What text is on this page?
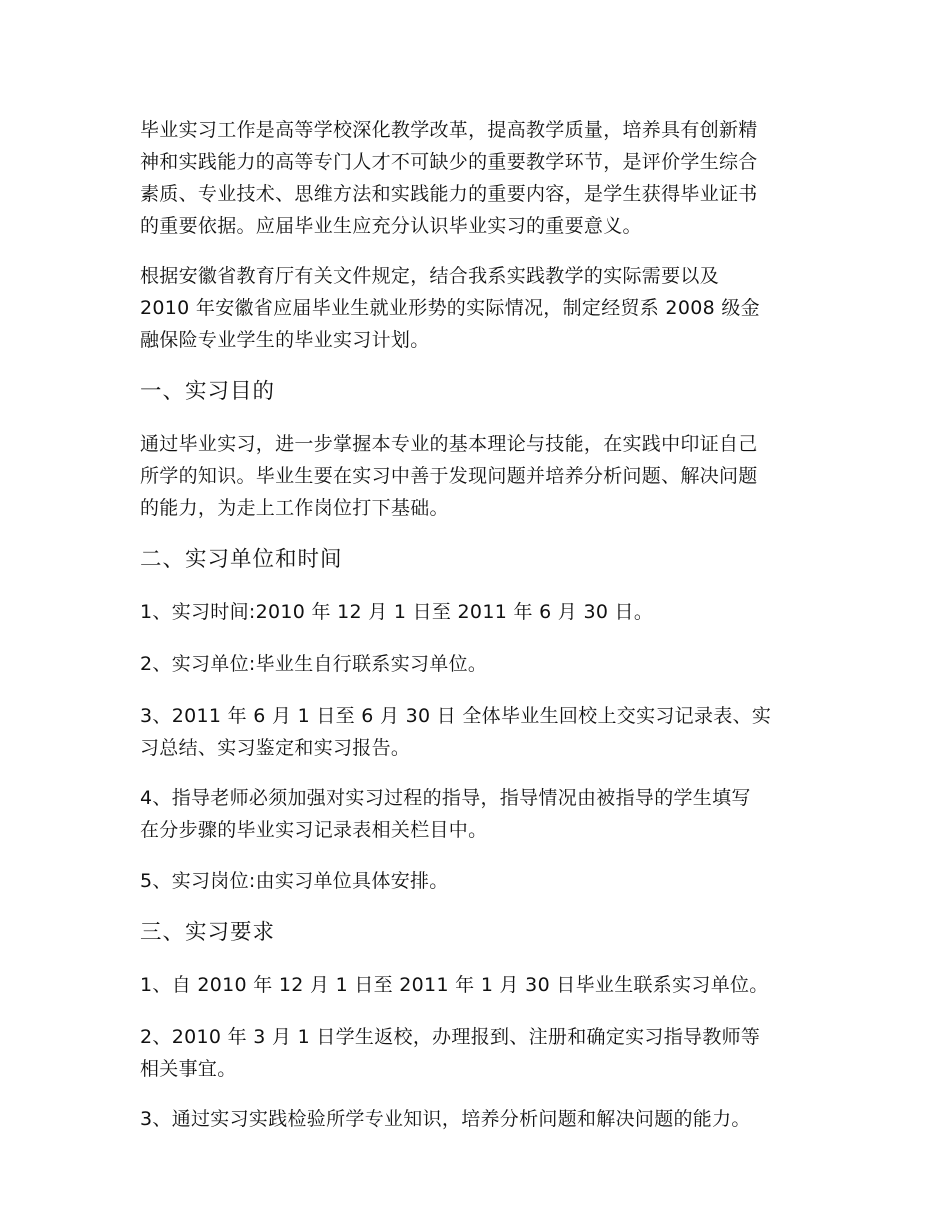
毕业实习工作是高等学校深化教学改革，提高教学质量，培养具有创新精
神和实践能力的高等专门人才不可缺少的重要教学环节，是评价学生综合
素质、专业技术、思维方法和实践能力的重要内容，是学生获得毕业证书
的重要依据。应届毕业生应充分认识毕业实习的重要意义。

根据安徽省教育厅有关文件规定，结合我系实践教学的实际需要以及
2010 年安徽省应届毕业生就业形势的实际情况，制定经贸系 2008 级金
融保险专业学生的毕业实习计划。

一、实习目的

通过毕业实习，进一步掌握本专业的基本理论与技能，在实践中印证自己
所学的知识。毕业生要在实习中善于发现问题并培养分析问题、解决问题
的能力，为走上工作岗位打下基础。

二、实习单位和时间

1、实习时间:2010 年 12 月 1 日至 2011 年 6 月 30 日。

2、实习单位:毕业生自行联系实习单位。

3、2011 年 6 月 1 日至 6 月 30 日 全体毕业生回校上交实习记录表、实
习总结、实习鉴定和实习报告。

4、指导老师必须加强对实习过程的指导，指导情况由被指导的学生填写
在分步骤的毕业实习记录表相关栏目中。

5、实习岗位:由实习单位具体安排。

三、实习要求

1、自 2010 年 12 月 1 日至 2011 年 1 月 30 日毕业生联系实习单位。

2、2010 年 3 月 1 日学生返校，办理报到、注册和确定实习指导教师等
相关事宜。

3、通过实习实践检验所学专业知识，培养分析问题和解决问题的能力。
